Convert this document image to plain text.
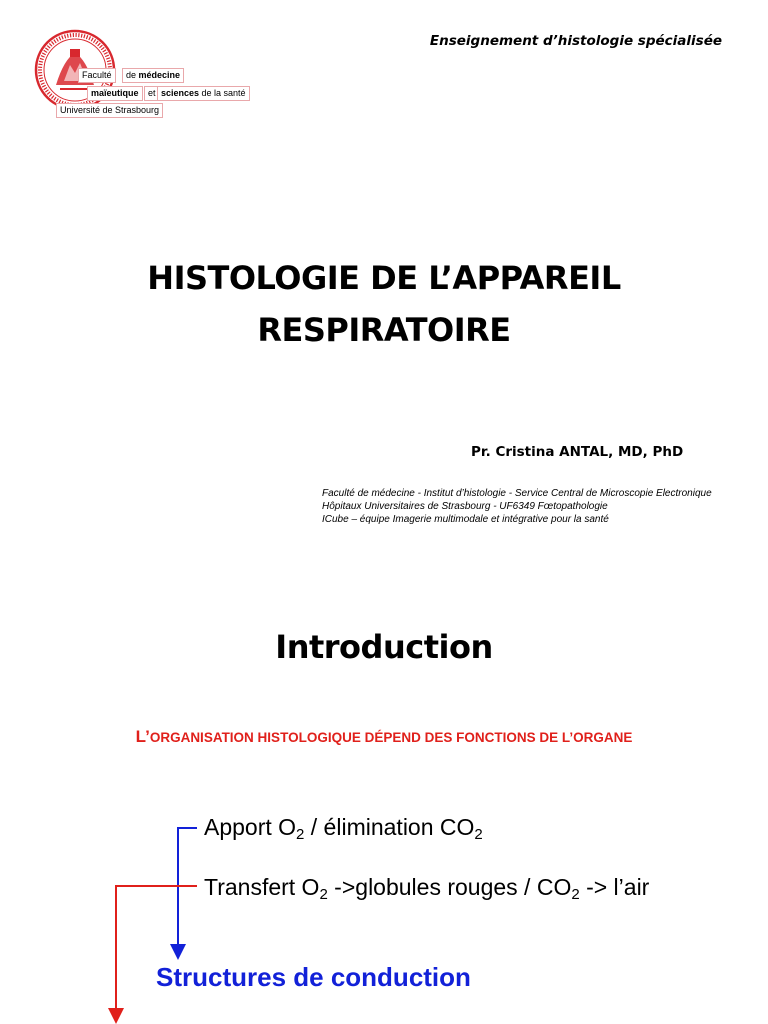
Faculté	de médecine
maïeutique	et sciences de la santé
Université de Strasbourg
Enseignement d’histologie spécialisée
HISTOLOGIE DE L’APPAREIL
RESPIRATOIRE
Pr. Cristina ANTAL, MD, PhD
Faculté de médecine - Institut d’histologie - Service Central de Microscopie Electronique
Hôpitaux Universitaires de Strasbourg - UF6349 Fœtopathologie
ICube – équipe Imagerie multimodale et intégrative pour la santé
Introduction
L’ORGANISATION HISTOLOGIQUE DÉPEND DES FONCTIONS DE L’ORGANE
Apport $O_2$ / élimination $CO_2$
Transfert $O_2$ ->globules rouges / $CO_2$ -> l’air
Structures de conduction
